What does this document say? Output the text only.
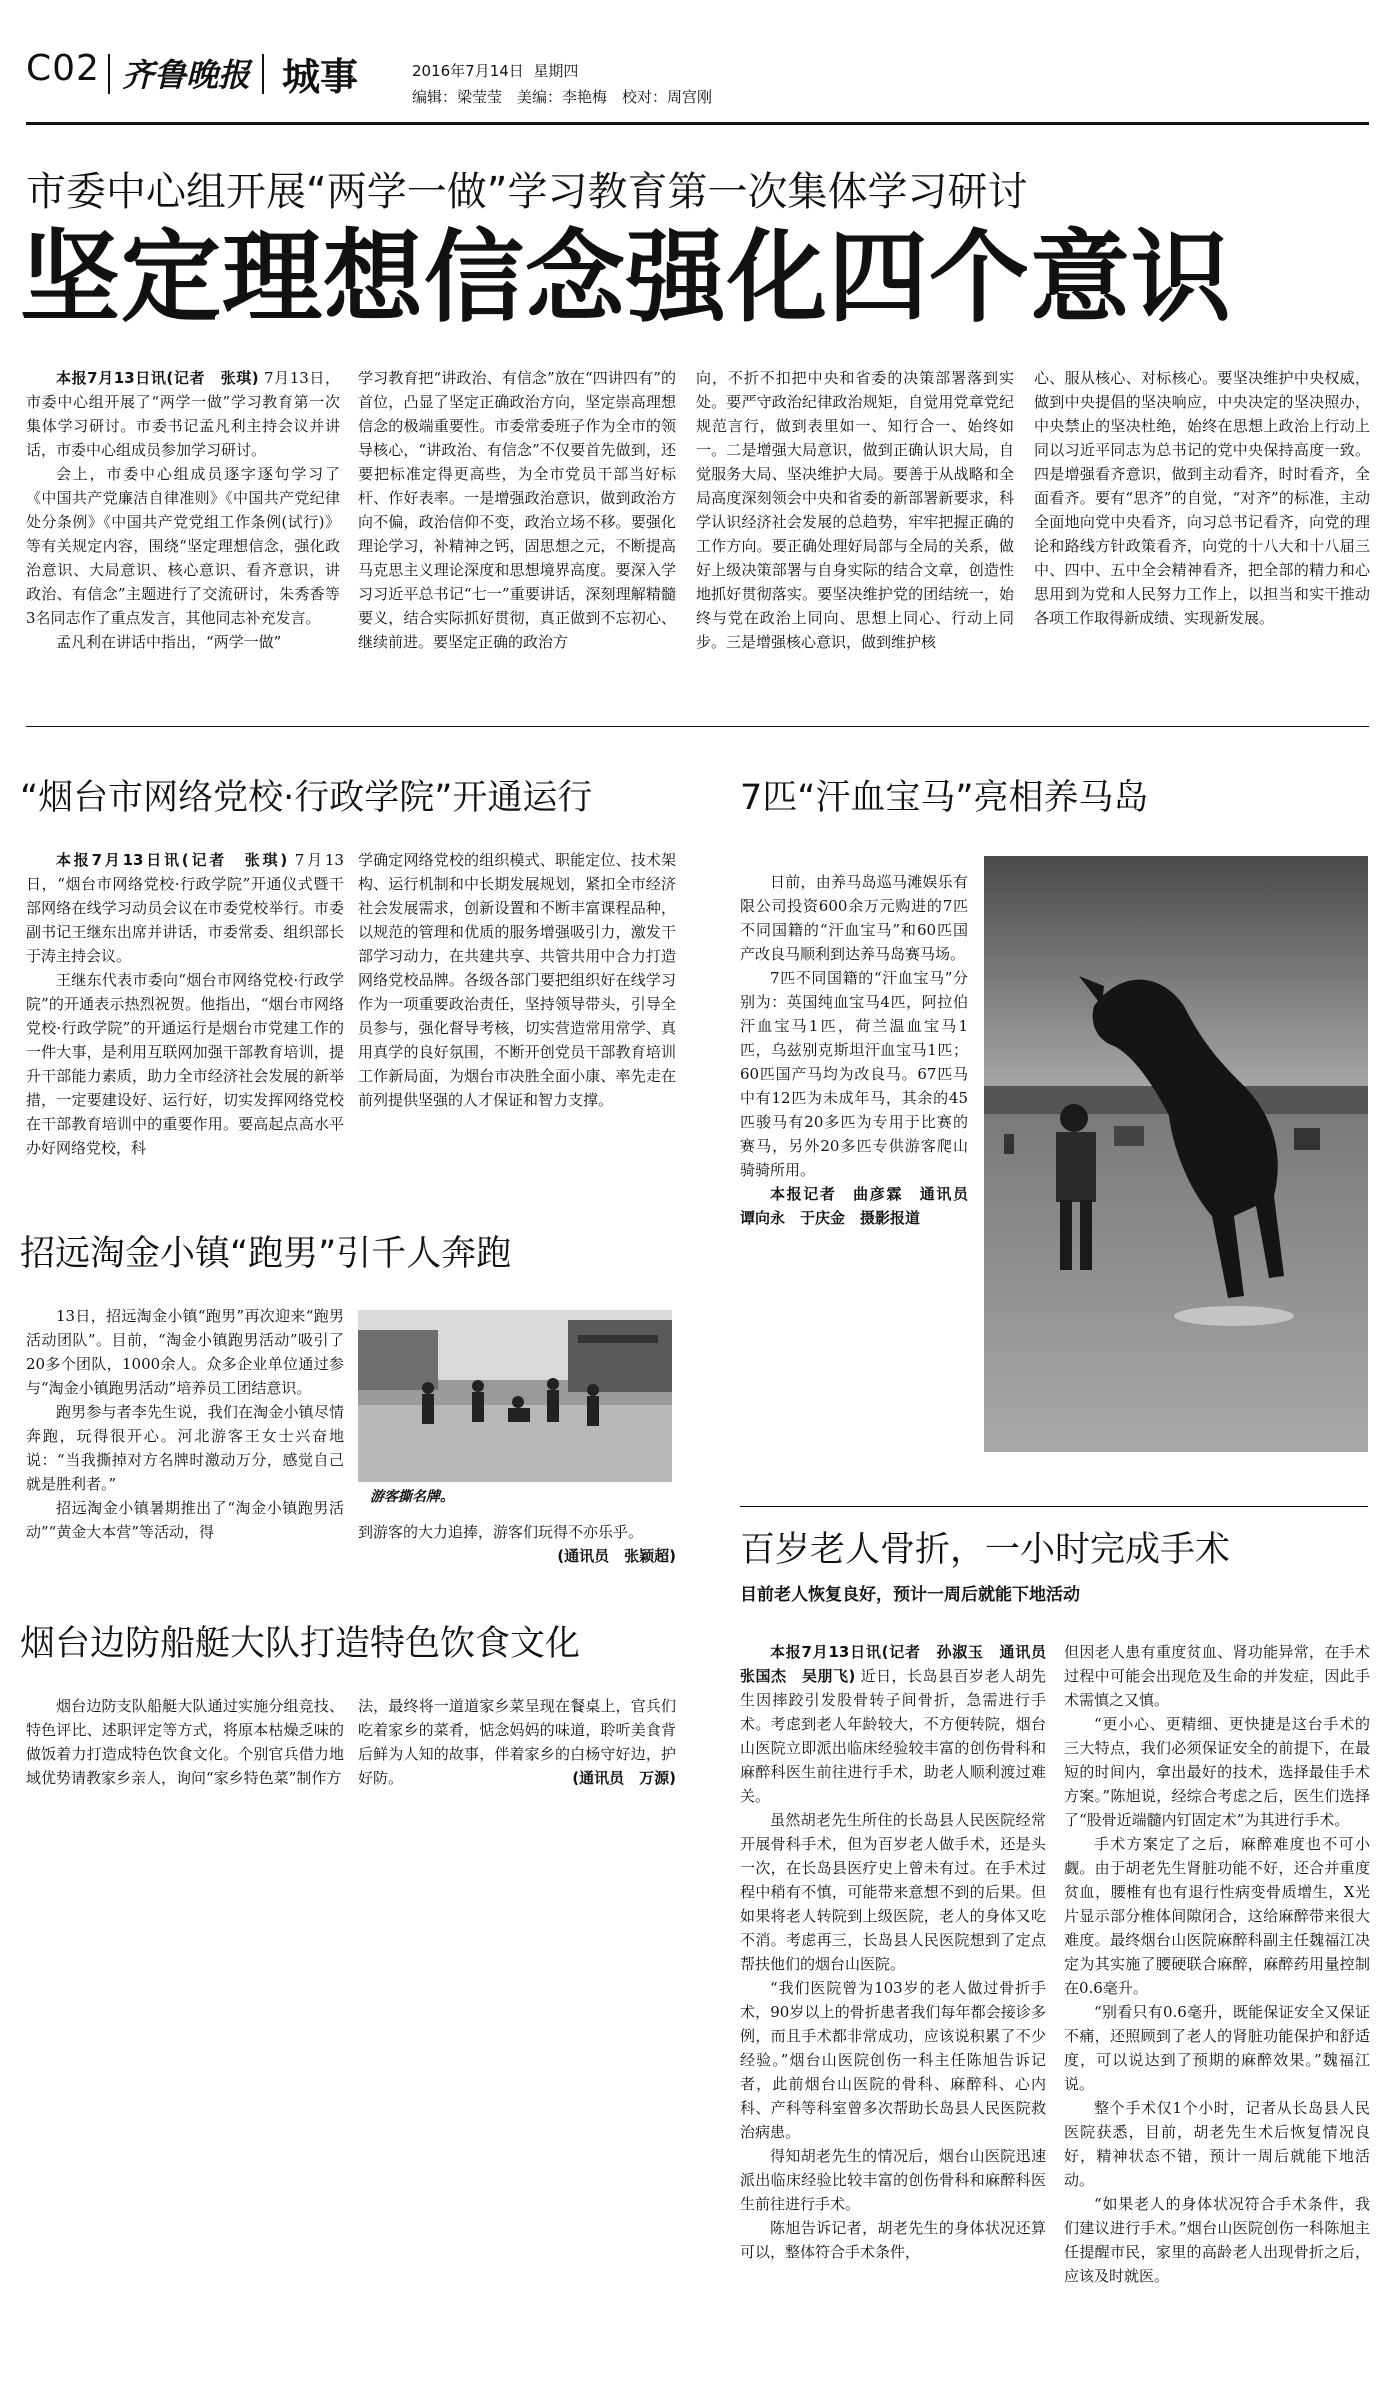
C02 齐鲁晚报 城事	2016年7月14日 星期四
编辑：梁莹莹　美编：李艳梅　校对：周宫刚
市委中心组开展“两学一做”学习教育第一次集体学习研讨
坚定理想信念强化四个意识

本报7月13日讯(记者　张琪) 7月13日，市委中心组开展了“两学一做”学习教育第一次集体学习研讨。市委书记孟凡利主持会议并讲话，市委中心组成员参加学习研讨。

会上，市委中心组成员逐字逐句学习了《中国共产党廉洁自律准则》《中国共产党纪律处分条例》《中国共产党党组工作条例(试行)》等有关规定内容，围绕“坚定理想信念，强化政治意识、大局意识、核心意识、看齐意识，讲政治、有信念”主题进行了交流研讨，朱秀香等3名同志作了重点发言，其他同志补充发言。

孟凡利在讲话中指出，“两学一做”

学习教育把“讲政治、有信念”放在“四讲四有”的首位，凸显了坚定正确政治方向，坚定崇高理想信念的极端重要性。市委常委班子作为全市的领导核心，“讲政治、有信念”不仅要首先做到，还要把标准定得更高些，为全市党员干部当好标杆、作好表率。一是增强政治意识，做到政治方向不偏，政治信仰不变，政治立场不移。要强化理论学习，补精神之钙，固思想之元，不断提高马克思主义理论深度和思想境界高度。要深入学习习近平总书记“七一”重要讲话，深刻理解精髓要义，结合实际抓好贯彻，真正做到不忘初心、继续前进。要坚定正确的政治方

向，不折不扣把中央和省委的决策部署落到实处。要严守政治纪律政治规矩，自觉用党章党纪规范言行，做到表里如一、知行合一、始终如一。二是增强大局意识，做到正确认识大局，自觉服务大局、坚决维护大局。要善于从战略和全局高度深刻领会中央和省委的新部署新要求，科学认识经济社会发展的总趋势，牢牢把握正确的工作方向。要正确处理好局部与全局的关系，做好上级决策部署与自身实际的结合文章，创造性地抓好贯彻落实。要坚决维护党的团结统一，始终与党在政治上同向、思想上同心、行动上同步。三是增强核心意识，做到维护核

心、服从核心、对标核心。要坚决维护中央权威，做到中央提倡的坚决响应，中央决定的坚决照办，中央禁止的坚决杜绝，始终在思想上政治上行动上同以习近平同志为总书记的党中央保持高度一致。四是增强看齐意识，做到主动看齐，时时看齐，全面看齐。要有“思齐”的自觉，“对齐”的标准，主动全面地向党中央看齐，向习总书记看齐，向党的理论和路线方针政策看齐，向党的十八大和十八届三中、四中、五中全会精神看齐，把全部的精力和心思用到为党和人民努力工作上，以担当和实干推动各项工作取得新成绩、实现新发展。

“烟台市网络党校·行政学院”开通运行

本报7月13日讯(记者　张琪) 7月13日，“烟台市网络党校·行政学院”开通仪式暨干部网络在线学习动员会议在市委党校举行。市委副书记王继东出席并讲话，市委常委、组织部长于涛主持会议。

王继东代表市委向“烟台市网络党校·行政学院”的开通表示热烈祝贺。他指出，“烟台市网络党校·行政学院”的开通运行是烟台市党建工作的一件大事，是利用互联网加强干部教育培训，提升干部能力素质，助力全市经济社会发展的新举措，一定要建设好、运行好，切实发挥网络党校在干部教育培训中的重要作用。要高起点高水平办好网络党校，科

学确定网络党校的组织模式、职能定位、技术架构、运行机制和中长期发展规划，紧扣全市经济社会发展需求，创新设置和不断丰富课程品种，以规范的管理和优质的服务增强吸引力，激发干部学习动力，在共建共享、共管共用中合力打造网络党校品牌。各级各部门要把组织好在线学习作为一项重要政治责任，坚持领导带头，引导全员参与，强化督导考核，切实营造常用常学、真用真学的良好氛围，不断开创党员干部教育培训工作新局面，为烟台市决胜全面小康、率先走在前列提供坚强的人才保证和智力支撑。

招远淘金小镇“跑男”引千人奔跑

13日，招远淘金小镇“跑男”再次迎来“跑男活动团队”。目前，“淘金小镇跑男活动”吸引了20多个团队，1000余人。众多企业单位通过参与“淘金小镇跑男活动”培养员工团结意识。

跑男参与者李先生说，我们在淘金小镇尽情奔跑，玩得很开心。河北游客王女士兴奋地说：“当我撕掉对方名牌时激动万分，感觉自己就是胜利者。”

招远淘金小镇暑期推出了“淘金小镇跑男活动”“黄金大本营”等活动，得

游客撕名牌。

到游客的大力追捧，游客们玩得不亦乐乎。
(通讯员　张颖超)

烟台边防船艇大队打造特色饮食文化

烟台边防支队船艇大队通过实施分组竞技、特色评比、述职评定等方式，将原本枯燥乏味的做饭着力打造成特色饮食文化。个别官兵借力地域优势请教家乡亲人，询问“家乡特色菜”制作方

法，最终将一道道家乡菜呈现在餐桌上，官兵们吃着家乡的菜肴，惦念妈妈的味道，聆听美食背后鲜为人知的故事，伴着家乡的白杨守好边，护好防。	(通讯员　万源)

7匹“汗血宝马”亮相养马岛

日前，由养马岛巡马滩娱乐有限公司投资600余万元购进的7匹不同国籍的“汗血宝马”和60匹国产改良马顺利到达养马岛赛马场。

7匹不同国籍的“汗血宝马”分别为：英国纯血宝马4匹，阿拉伯汗血宝马1匹，荷兰温血宝马1匹，乌兹别克斯坦汗血宝马1匹；60匹国产马均为改良马。67匹马中有12匹为未成年马，其余的45匹骏马有20多匹为专用于比赛的赛马，另外20多匹专供游客爬山骑骑所用。

本报记者　曲彦霖　通讯员　谭向永　于庆金　摄影报道

百岁老人骨折，一小时完成手术
目前老人恢复良好，预计一周后就能下地活动

本报7月13日讯(记者　孙淑玉　通讯员　张国杰　吴朋飞) 近日，长岛县百岁老人胡先生因摔跤引发股骨转子间骨折，急需进行手术。考虑到老人年龄较大，不方便转院，烟台山医院立即派出临床经验较丰富的创伤骨科和麻醉科医生前往进行手术，助老人顺利渡过难关。

虽然胡老先生所住的长岛县人民医院经常开展骨科手术，但为百岁老人做手术，还是头一次，在长岛县医疗史上曾未有过。在手术过程中稍有不慎，可能带来意想不到的后果。但如果将老人转院到上级医院，老人的身体又吃不消。考虑再三，长岛县人民医院想到了定点帮扶他们的烟台山医院。

“我们医院曾为103岁的老人做过骨折手术，90岁以上的骨折患者我们每年都会接诊多例，而且手术都非常成功，应该说积累了不少经验。”烟台山医院创伤一科主任陈旭告诉记者，此前烟台山医院的骨科、麻醉科、心内科、产科等科室曾多次帮助长岛县人民医院救治病患。

得知胡老先生的情况后，烟台山医院迅速派出临床经验比较丰富的创伤骨科和麻醉科医生前往进行手术。

陈旭告诉记者，胡老先生的身体状况还算可以，整体符合手术条件，

但因老人患有重度贫血、肾功能异常，在手术过程中可能会出现危及生命的并发症，因此手术需慎之又慎。

“更小心、更精细、更快捷是这台手术的三大特点，我们必须保证安全的前提下，在最短的时间内，拿出最好的技术，选择最佳手术方案。”陈旭说，经综合考虑之后，医生们选择了“股骨近端髓内钉固定术”为其进行手术。

手术方案定了之后，麻醉难度也不可小觑。由于胡老先生肾脏功能不好，还合并重度贫血，腰椎有也有退行性病变骨质增生，X光片显示部分椎体间隙闭合，这给麻醉带来很大难度。最终烟台山医院麻醉科副主任魏福江决定为其实施了腰硬联合麻醉，麻醉药用量控制在0.6毫升。

“别看只有0.6毫升，既能保证安全又保证不痛，还照顾到了老人的肾脏功能保护和舒适度，可以说达到了预期的麻醉效果。”魏福江说。

整个手术仅1个小时，记者从长岛县人民医院获悉，目前，胡老先生术后恢复情况良好，精神状态不错，预计一周后就能下地活动。

“如果老人的身体状况符合手术条件，我们建议进行手术。”烟台山医院创伤一科陈旭主任提醒市民，家里的高龄老人出现骨折之后，应该及时就医。
